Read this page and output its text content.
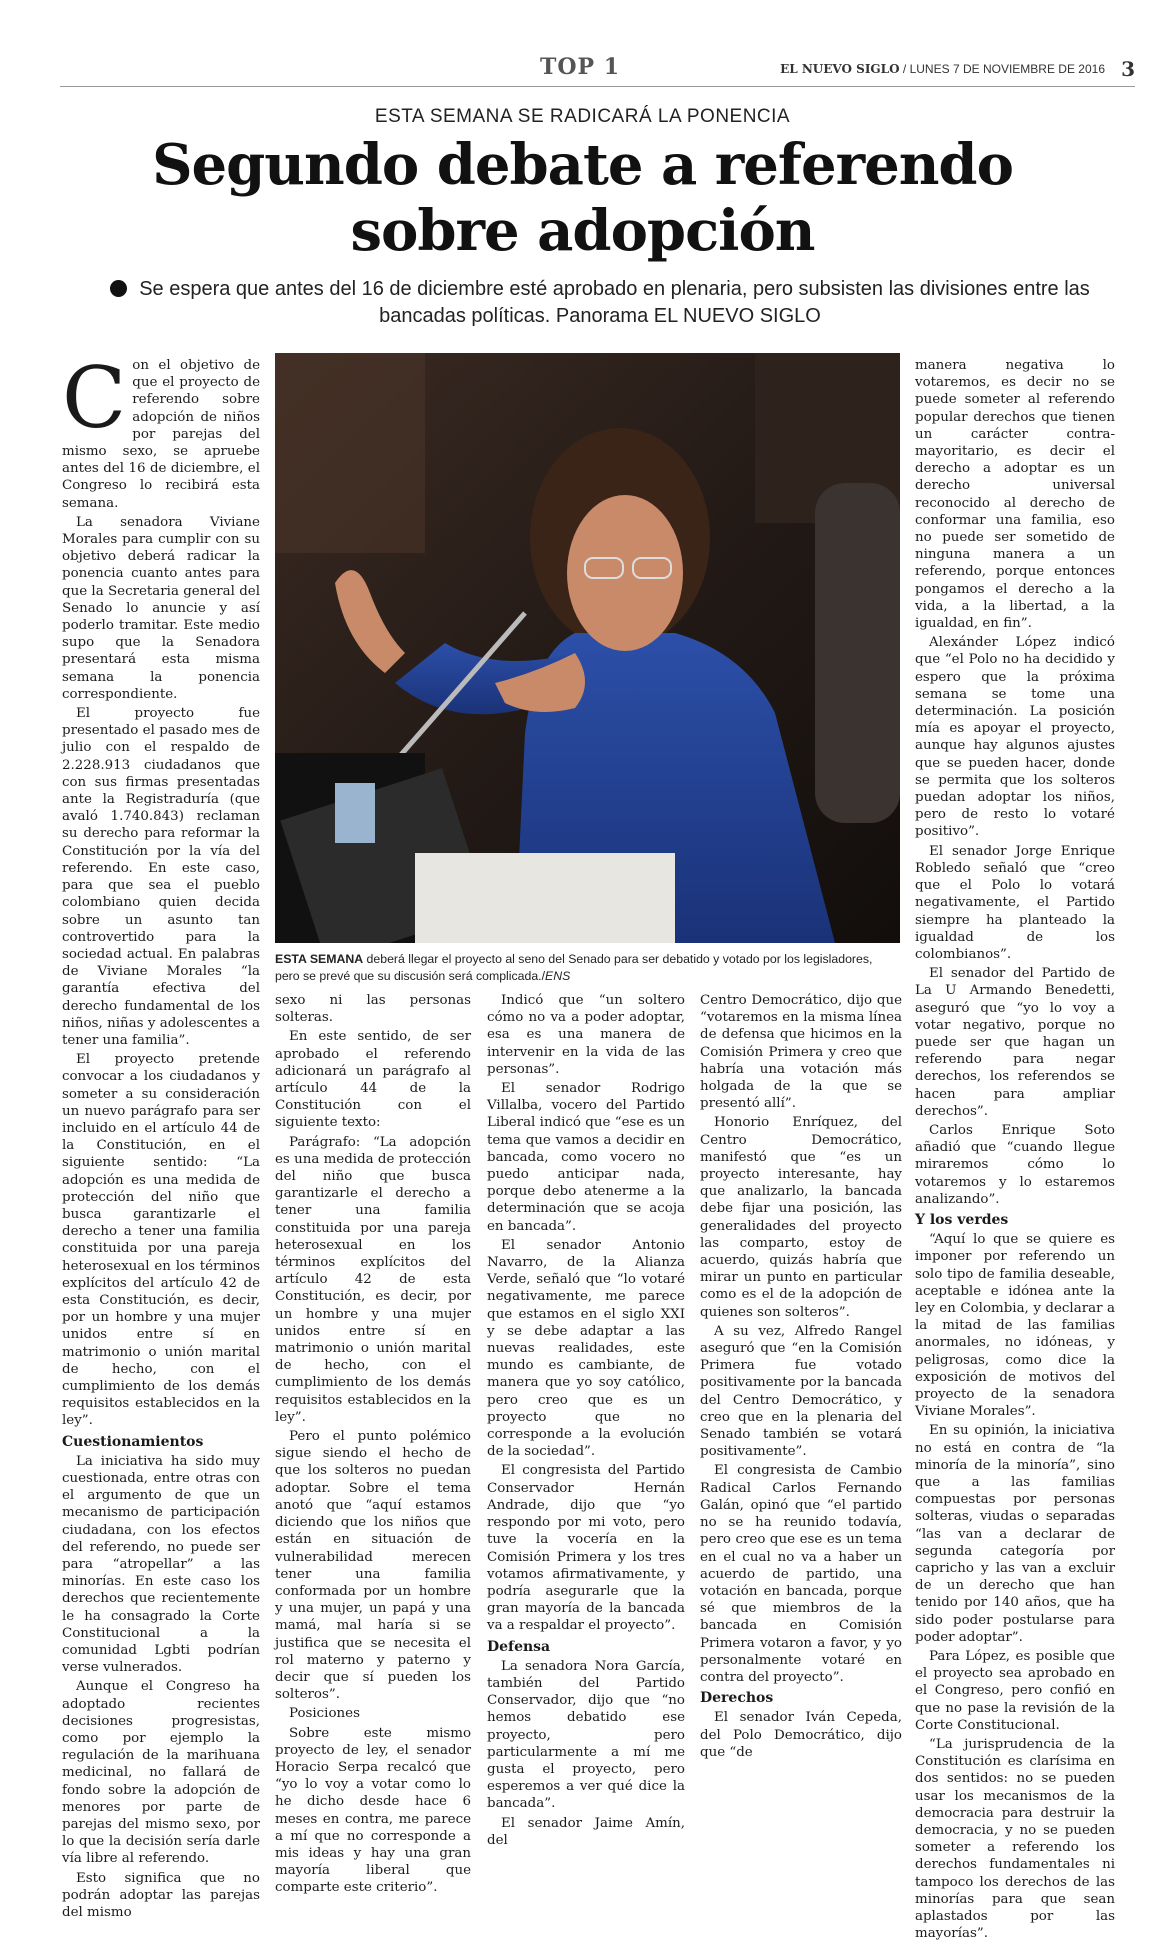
TOP 1	EL NUEVO SIGLO / LUNES 7 DE NOVIEMBRE DE 2016 3
ESTA SEMANA SE RADICARÁ LA PONENCIA
Segundo debate a referendo
sobre adopción
Se espera que antes del 16 de diciembre esté aprobado en plenaria, pero subsisten las divisiones entre las bancadas políticas. Panorama EL NUEVO SIGLO
ESTA SEMANA deberá llegar el proyecto al seno del Senado para ser debatido y votado por los legisladores, pero se prevé que su discusión será complicada./ENS

Con el objetivo de que el proyecto de referendo sobre adopción de niños por parejas del mismo sexo, se apruebe antes del 16 de diciembre, el Congreso lo recibirá esta semana.

La senadora Viviane Morales para cumplir con su objetivo deberá radicar la ponencia cuanto antes para que la Secretaria general del Senado lo anuncie y así poderlo tramitar. Este medio supo que la Senadora presentará esta misma semana la ponencia correspondiente.

El proyecto fue presentado el pasado mes de julio con el respaldo de 2.228.913 ciudadanos que con sus firmas presentadas ante la Registraduría (que avaló 1.740.843) reclaman su derecho para reformar la Constitución por la vía del referendo. En este caso, para que sea el pueblo colombiano quien decida sobre un asunto tan controvertido para la sociedad actual. En palabras de Viviane Morales “la garantía efectiva del derecho fundamental de los niños, niñas y adolescentes a tener una familia”.

El proyecto pretende convocar a los ciudadanos y someter a su consideración un nuevo parágrafo para ser incluido en el artículo 44 de la Constitución, en el siguiente sentido: “La adopción es una medida de protección del niño que busca garantizarle el derecho a tener una familia constituida por una pareja heterosexual en los términos explícitos del artículo 42 de esta Constitución, es decir, por un hombre y una mujer unidos entre sí en matrimonio o unión marital de hecho, con el cumplimiento de los demás requisitos establecidos en la ley”.

Cuestionamientos

La iniciativa ha sido muy cuestionada, entre otras con el argumento de que un mecanismo de participación ciudadana, con los efectos del referendo, no puede ser para “atropellar” a las minorías. En este caso los derechos que recientemente le ha consagrado la Corte Constitucional a la comunidad Lgbti podrían verse vulnerados.

Aunque el Congreso ha adoptado recientes decisiones progresistas, como por ejemplo la regulación de la marihuana medicinal, no fallará de fondo sobre la adopción de menores por parte de parejas del mismo sexo, por lo que la decisión sería darle vía libre al referendo.

Esto significa que no podrán adoptar las parejas del mismo

sexo ni las personas solteras.

En este sentido, de ser aprobado el referendo adicionará un parágrafo al artículo 44 de la Constitución con el siguiente texto:

Parágrafo: “La adopción es una medida de protección del niño que busca garantizarle el derecho a tener una familia constituida por una pareja heterosexual en los términos explícitos del artículo 42 de esta Constitución, es decir, por un hombre y una mujer unidos entre sí en matrimonio o unión marital de hecho, con el cumplimiento de los demás requisitos establecidos en la ley”.

Pero el punto polémico sigue siendo el hecho de que los solteros no puedan adoptar. Sobre el tema anotó que “aquí estamos diciendo que los niños que están en situación de vulnerabilidad merecen tener una familia conformada por un hombre y una mujer, un papá y una mamá, mal haría si se justifica que se necesita el rol materno y paterno y decir que sí pueden los solteros”.

Posiciones

Sobre este mismo proyecto de ley, el senador Horacio Serpa recalcó que “yo lo voy a votar como lo he dicho desde hace 6 meses en contra, me parece a mí que no corresponde a mis ideas y hay una gran mayoría liberal que comparte este criterio”.

Indicó que “un soltero cómo no va a poder adoptar, esa es una manera de intervenir en la vida de las personas”.

El senador Rodrigo Villalba, vocero del Partido Liberal indicó que “ese es un tema que vamos a decidir en bancada, como vocero no puedo anticipar nada, porque debo atenerme a la determinación que se acoja en bancada”.

El senador Antonio Navarro, de la Alianza Verde, señaló que “lo votaré negativamente, me parece que estamos en el siglo XXI y se debe adaptar a las nuevas realidades, este mundo es cambiante, de manera que yo soy católico, pero creo que es un proyecto que no corresponde a la evolución de la sociedad”.

El congresista del Partido Conservador Hernán Andrade, dijo que “yo respondo por mi voto, pero tuve la vocería en la Comisión Primera y los tres votamos afirmativamente, y podría asegurarle que la gran mayoría de la bancada va a respaldar el proyecto”.

Defensa

La senadora Nora García, también del Partido Conservador, dijo que “no hemos debatido ese proyecto, pero particularmente a mí me gusta el proyecto, pero esperemos a ver qué dice la bancada”.

El senador Jaime Amín, del

Centro Democrático, dijo que “votaremos en la misma línea de defensa que hicimos en la Comisión Primera y creo que habría una votación más holgada de la que se presentó allí”.

Honorio Enríquez, del Centro Democrático, manifestó que “es un proyecto interesante, hay que analizarlo, la bancada debe fijar una posición, las generalidades del proyecto las comparto, estoy de acuerdo, quizás habría que mirar un punto en particular como es el de la adopción de quienes son solteros”.

A su vez, Alfredo Rangel aseguró que “en la Comisión Primera fue votado positivamente por la bancada del Centro Democrático, y creo que en la plenaria del Senado también se votará positivamente”.

El congresista de Cambio Radical Carlos Fernando Galán, opinó que “el partido no se ha reunido todavía, pero creo que ese es un tema en el cual no va a haber un acuerdo de partido, una votación en bancada, porque sé que miembros de la bancada en Comisión Primera votaron a favor, y yo personalmente votaré en contra del proyecto”.

Derechos

El senador Iván Cepeda, del Polo Democrático, dijo que “de

manera negativa lo votaremos, es decir no se puede someter al referendo popular derechos que tienen un carácter contra-mayoritario, es decir el derecho a adoptar es un derecho universal reconocido al derecho de conformar una familia, eso no puede ser sometido de ninguna manera a un referendo, porque entonces pongamos el derecho a la vida, a la libertad, a la igualdad, en fin”.

Alexánder López indicó que “el Polo no ha decidido y espero que la próxima semana se tome una determinación. La posición mía es apoyar el proyecto, aunque hay algunos ajustes que se pueden hacer, donde se permita que los solteros puedan adoptar los niños, pero de resto lo votaré positivo”.

El senador Jorge Enrique Robledo señaló que “creo que el Polo lo votará negativamente, el Partido siempre ha planteado la igualdad de los colombianos”.

El senador del Partido de La U Armando Benedetti, aseguró que “yo lo voy a votar negativo, porque no puede ser que hagan un referendo para negar derechos, los referendos se hacen para ampliar derechos”.

Carlos Enrique Soto añadió que “cuando llegue miraremos cómo lo votaremos y lo estaremos analizando”.

Y los verdes

“Aquí lo que se quiere es imponer por referendo un solo tipo de familia deseable, aceptable e idónea ante la ley en Colombia, y declarar a la mitad de las familias anormales, no idóneas, y peligrosas, como dice la exposición de motivos del proyecto de la senadora Viviane Morales”.

En su opinión, la iniciativa no está en contra de “la minoría de la minoría”, sino que a las familias compuestas por personas solteras, viudas o separadas “las van a declarar de segunda categoría por capricho y las van a excluir de un derecho que han tenido por 140 años, que ha sido poder postularse para poder adoptar”.

Para López, es posible que el proyecto sea aprobado en el Congreso, pero confió en que no pase la revisión de la Corte Constitucional.

“La jurisprudencia de la Constitución es clarísima en dos sentidos: no se pueden usar los mecanismos de la democracia para destruir la democracia, y no se pueden someter a referendo los derechos fundamentales ni tampoco los derechos de las minorías para que sean aplastados por las mayorías”.
